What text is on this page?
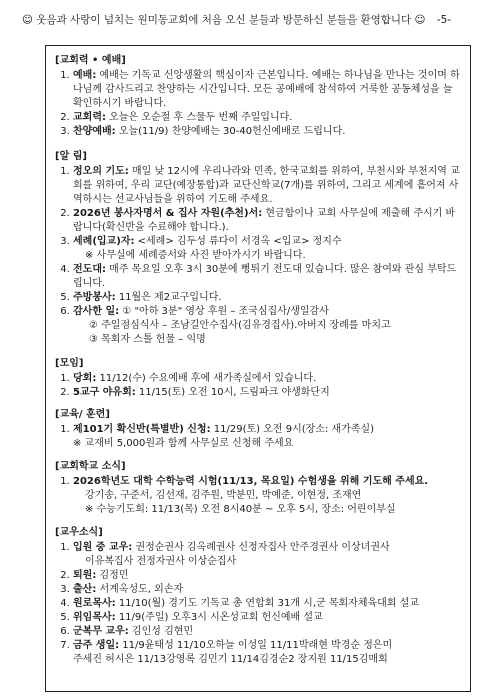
☺ 웃음과 사랑이 넘치는 원미동교회에 처음 오신 분들과 방문하신 분들을 환영합니다 ☺ -5-
[교회력 • 예배]
1. 예배: 예배는 기독교 신앙생활의 핵심이자 근본입니다. 예배는 하나님을 만나는 것이며 하나님께 감사드리고 찬양하는 시간입니다. 모든 공예배에 참석하여 거룩한 공동체성을 늘 확인하시기 바랍니다.
2. 교회력: 오늘은 오순절 후 스물두 번째 주일입니다.
3. 찬양예배: 오늘(11/9) 찬양예배는 30-40헌신예배로 드립니다.
[알 림]
1. 정오의 기도: 매일 낮 12시에 우리나라와 민족, 한국교회를 위하여, 부천시와 부천지역 교회를 위하여, 우리 교단(예장통합)과 교단신학교(7개)를 위하여, 그리고 세계에 흩어져 사역하시는 선교사님들을 위하여 기도해 주세요.
2. 2026년 봉사자명서 & 집사 자원(추천)서: 현금함이나 교회 사무실에 제출해 주시기 바랍니다(확신반을 수료해야 합니다.).
3. 세례(입교)자: <세례> 김두성 류다이 서경옥 <입교> 정지수
※ 사무실에 세례증서와 사진 받아가시기 바랍니다.
4. 전도대: 매주 목요일 오후 3시 30분에 뻥튀기 전도대 있습니다. 많은 참여와 관심 부탁드립니다.
5. 주방봉사: 11월은 제2교구입니다.
6. 감사한 일: ① "아하 3분" 영상 후원 – 조국심집사/생일감사
② 주일점심식사 – 조남길안수집사(김유경집사).아버지 장례를 마치고
③ 목회자 스톨 헌물 – 익명
[모임]
1. 당회: 11/12(수) 수요예배 후에 새가족실에서 있습니다.
2. 5교구 야유회: 11/15(토) 오전 10시, 드림파크 야생화단지
[교육/ 훈련]
1. 제101기 확신반(특별반) 신청: 11/29(토) 오전 9시(장소: 새가족실)
※ 교재비 5,000원과 함께 사무실로 신청해 주세요
[교회학교 소식]
1. 2026학년도 대학 수학능력 시험(11/13, 목요일) 수험생을 위해 기도해 주세요.
강기송, 구준서, 김선재, 김주원, 박분민, 박예준, 이현정, 조재연
※ 수능기도회: 11/13(목) 오전 8시40분 ~ 오후 5시, 장소: 어린이부실
[교우소식]
1. 입원 중 교우: 권정순권사 김옥례권사 신정자집사 안주경권사 이상녀권사
이유복집사 전정자권사 이상순집사
2. 퇴원: 김정민
3. 출산: 서계옥성도, 외손자
4. 원로목사: 11/10(월) 경기도 기독교 총 연합회 31개 시,군 목회자체육대회 설교
5. 위임목사: 11/9(주일) 오후3시 시온성교회 헌신예배 설교
6. 군복무 교우: 김인성 김현민
7. 금주 생일: 11/9윤태성 11/10오하늘 이성일 11/11박래현 박경순 정은미
주세진 허시은 11/13강영록 김민기 11/14김경순2 장지원 11/15김매회
